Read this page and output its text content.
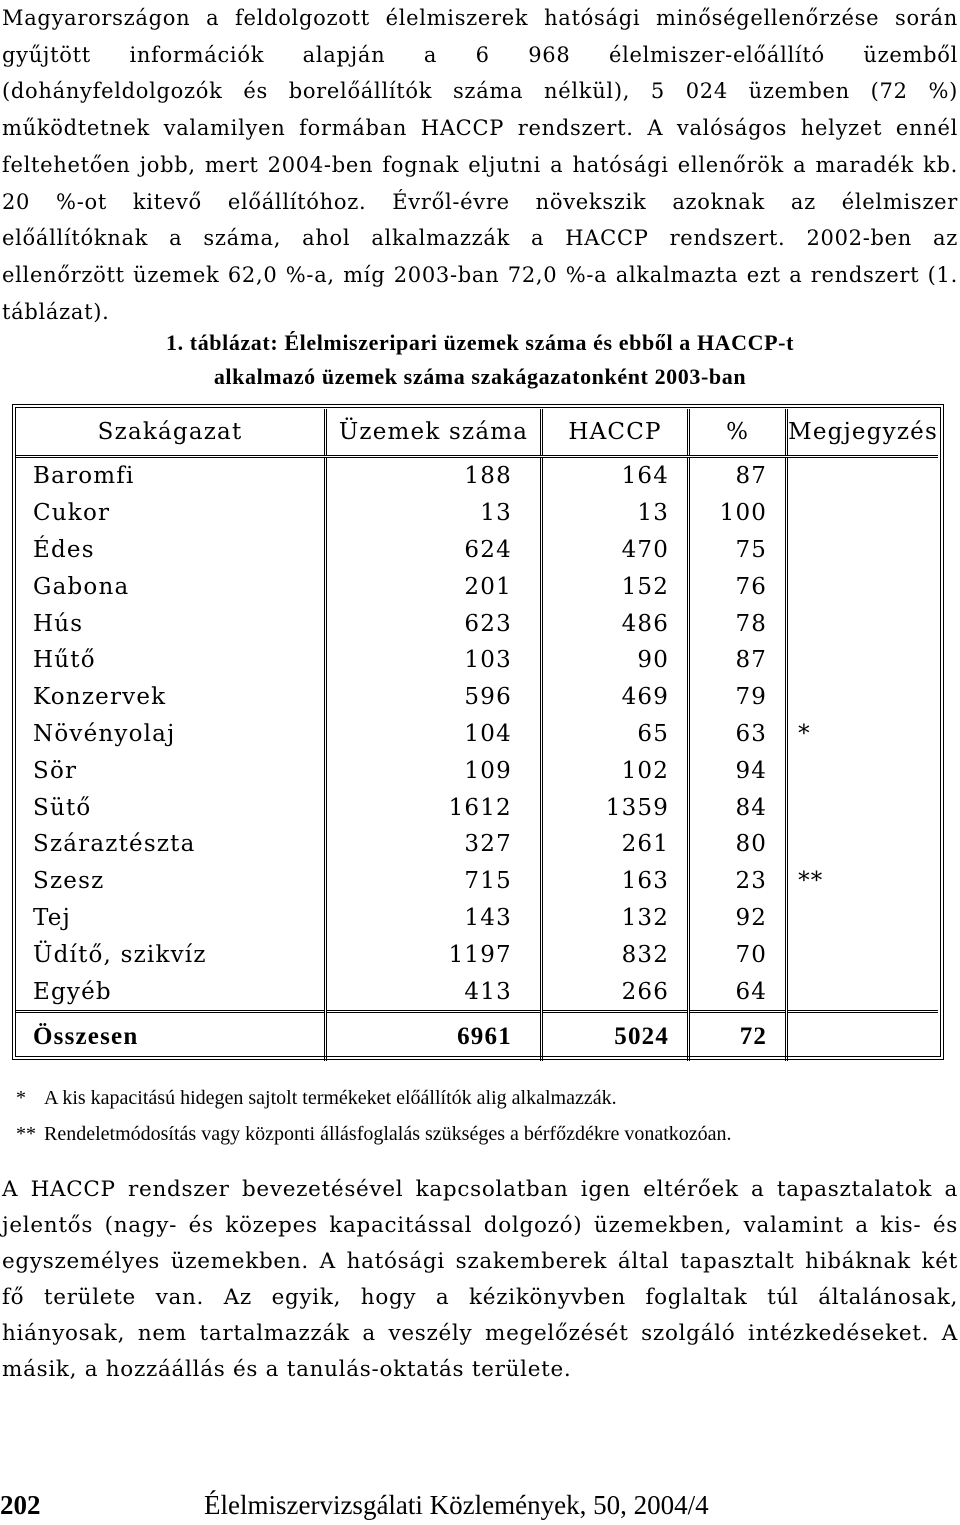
Magyarországon a feldolgozott élelmiszerek hatósági minőségellenőrzése során gyűjtött információk alapján a 6 968 élelmiszer-előállító üzemből (dohányfeldolgozók és borelőállítók száma nélkül), 5 024 üzemben (72 %) működtetnek valamilyen formában HACCP rendszert. A valóságos helyzet ennél feltehetően jobb, mert 2004-ben fognak eljutni a hatósági ellenőrök a maradék kb. 20 %-ot kitevő előállítóhoz. Évről-évre növekszik azoknak az élelmiszer előállítóknak a száma, ahol alkalmazzák a HACCP rendszert. 2002-ben az ellenőrzött üzemek 62,0 %-a, míg 2003-ban 72,0 %-a alkalmazta ezt a rendszert (1. táblázat).

1. táblázat: Élelmiszeripari üzemek száma és ebből a HACCP-t
alkalmazó üzemek száma szakágazatonként 2003-ban
Szakágazat	Üzemek száma	HACCP	%	Megjegyzés
Baromfi	188	164	87	
Cukor	13	13	100	
Édes	624	470	75	
Gabona	201	152	76	
Hús	623	486	78	
Hűtő	103	90	87	
Konzervek	596	469	79	
Növényolaj	104	65	63	*
Sör	109	102	94	
Sütő	1612	1359	84	
Száraztészta	327	261	80	
Szesz	715	163	23	**
Tej	143	132	92	
Üdítő, szikvíz	1197	832	70	
Egyéb	413	266	64	
Összesen	6961	5024	72	
* A kis kapacitású hidegen sajtolt termékeket előállítók alig alkalmazzák.
** Rendeletmódosítás vagy központi állásfoglalás szükséges a bérfőzdékre vonatkozóan.

A HACCP rendszer bevezetésével kapcsolatban igen eltérőek a tapasztalatok a jelentős (nagy- és közepes kapacitással dolgozó) üzemekben, valamint a kis- és egyszemélyes üzemekben. A hatósági szakemberek által tapasztalt hibáknak két fő területe van. Az egyik, hogy a kézikönyvben foglaltak túl általánosak, hiányosak, nem tartalmazzák a veszély megelőzését szolgáló intézkedéseket. A másik, a hozzáállás és a tanulás-oktatás területe.

202	Élelmiszervizsgálati Közlemények, 50, 2004/4
